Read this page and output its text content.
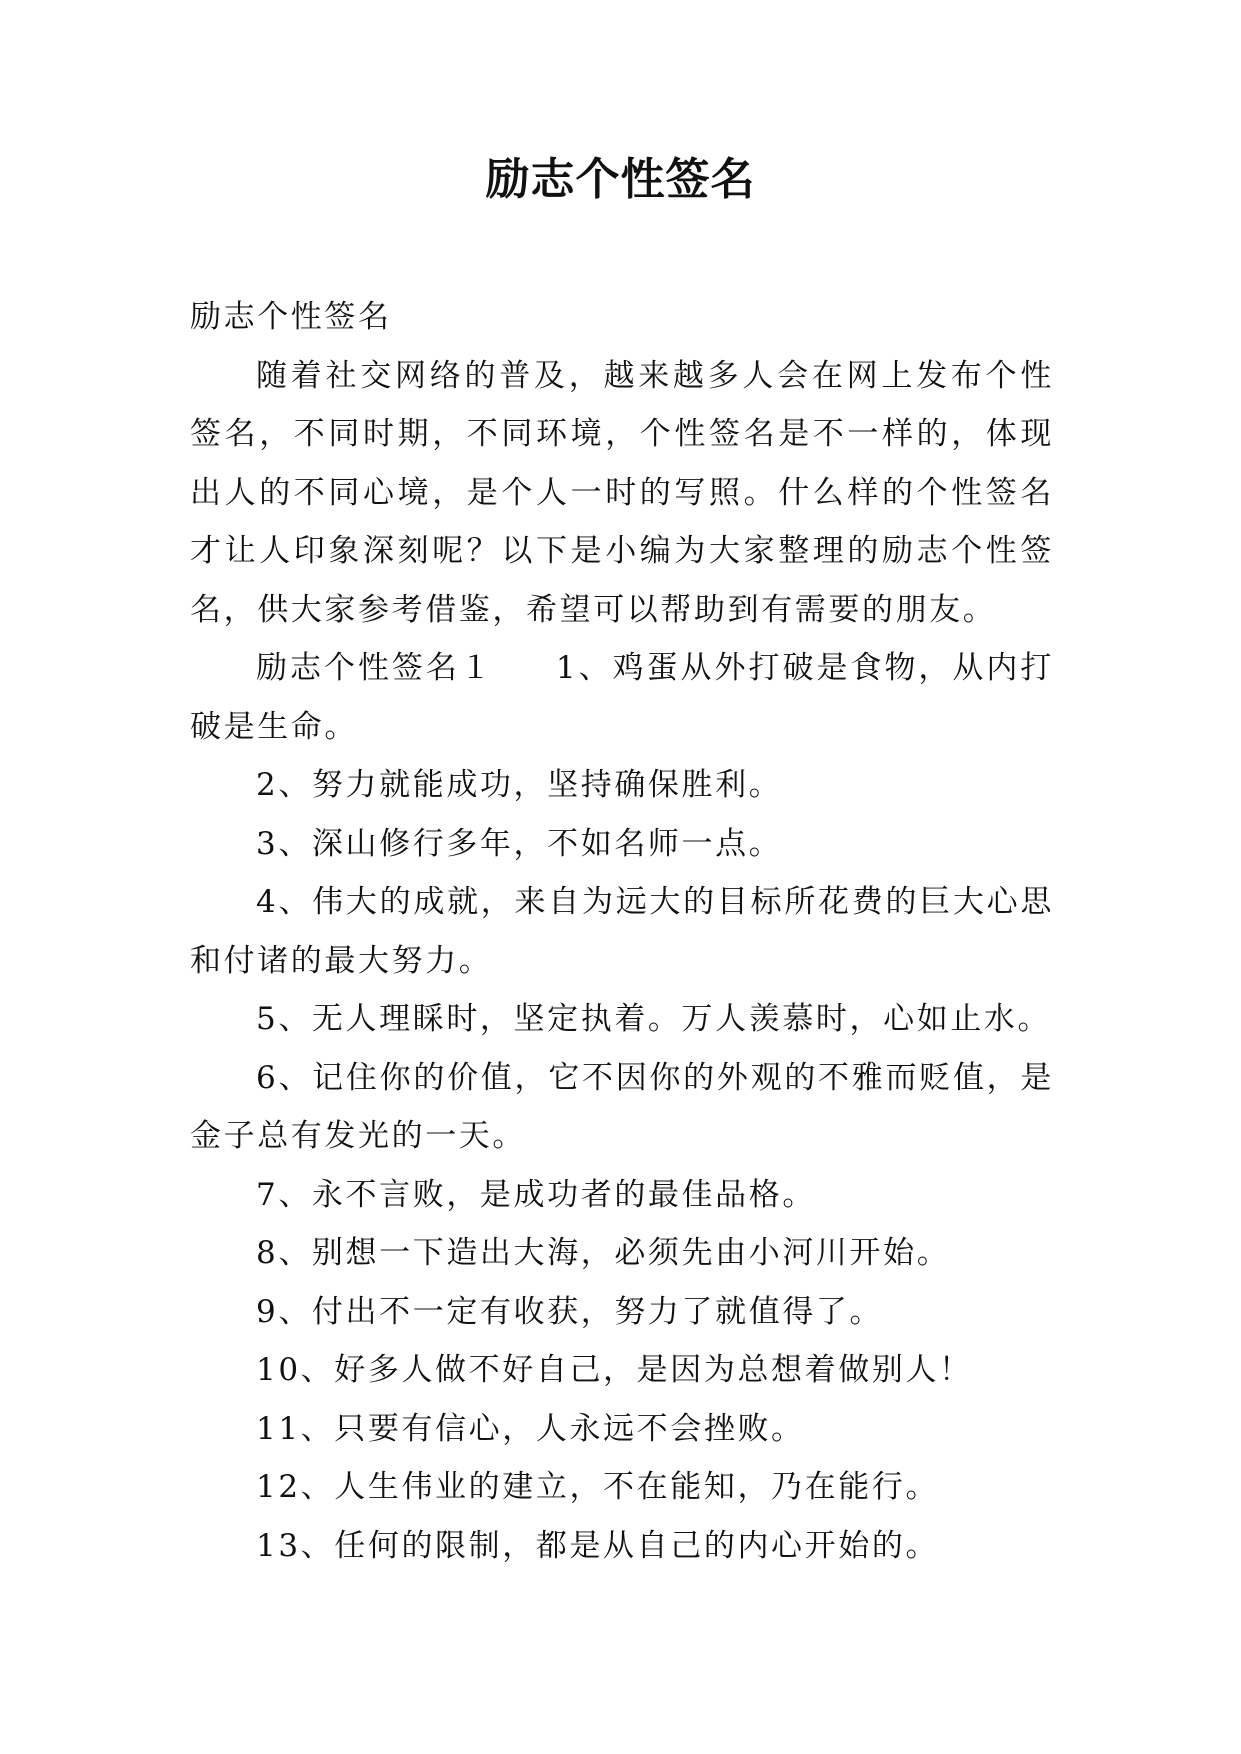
励志个性签名

励志个性签名

随着社交网络的普及，越来越多人会在网上发布个性签名，不同时期，不同环境，个性签名是不一样的，体现出人的不同心境，是个人一时的写照。什么样的个性签名才让人印象深刻呢？以下是小编为大家整理的励志个性签名，供大家参考借鉴，希望可以帮助到有需要的朋友。

励志个性签名１ 1、鸡蛋从外打破是食物，从内打破是生命。

2、努力就能成功，坚持确保胜利。

3、深山修行多年，不如名师一点。

4、伟大的成就，来自为远大的目标所花费的巨大心思和付诸的最大努力。

5、无人理睬时，坚定执着。万人羡慕时，心如止水。

6、记住你的价值，它不因你的外观的不雅而贬值，是金子总有发光的一天。

7、永不言败，是成功者的最佳品格。

8、别想一下造出大海，必须先由小河川开始。

9、付出不一定有收获，努力了就值得了。

10、好多人做不好自己，是因为总想着做别人！

11、只要有信心，人永远不会挫败。

12、人生伟业的建立，不在能知，乃在能行。

13、任何的限制，都是从自己的内心开始的。
